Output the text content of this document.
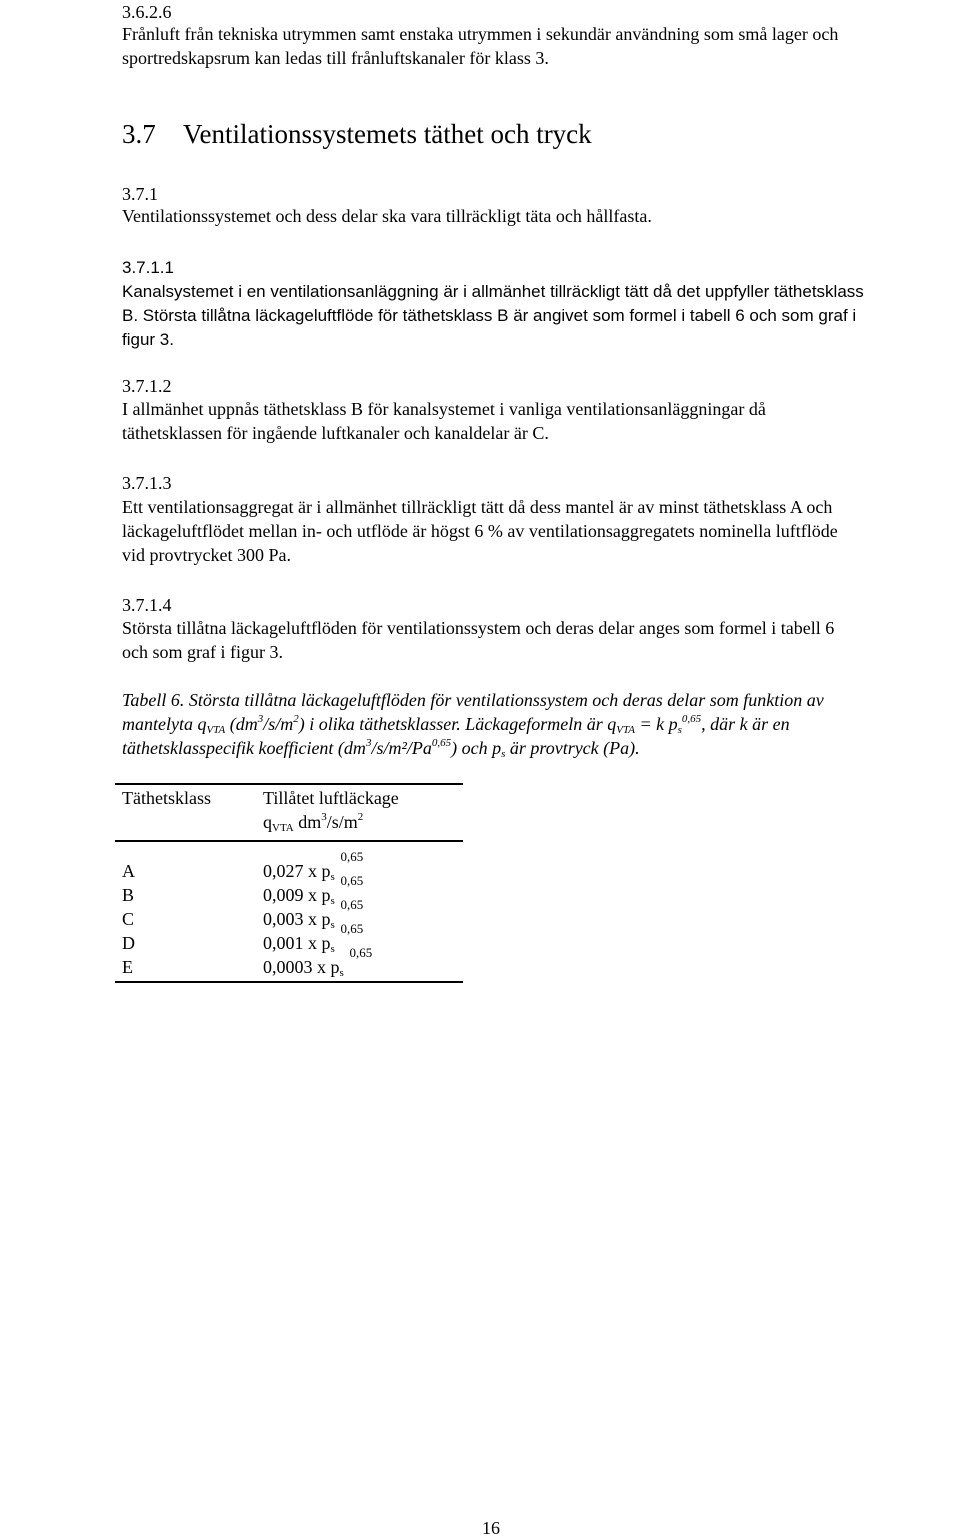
3.6.2.6

Frånluft från tekniska utrymmen samt enstaka utrymmen i sekundär användning som små lager och

sportredskapsrum kan ledas till frånluftskanaler för klass 3.

3.7 Ventilationssystemets täthet och tryck

3.7.1

Ventilationssystemet och dess delar ska vara tillräckligt täta och hållfasta.

3.7.1.1

Kanalsystemet i en ventilationsanläggning är i allmänhet tillräckligt tätt då det uppfyller täthetsklass

B. Största tillåtna läckageluftflöde för täthetsklass B är angivet som formel i tabell 6 och som graf i

figur 3.

3.7.1.2

I allmänhet uppnås täthetsklass B för kanalsystemet i vanliga ventilationsanläggningar då

täthetsklassen för ingående luftkanaler och kanaldelar är C.

3.7.1.3

Ett ventilationsaggregat är i allmänhet tillräckligt tätt då dess mantel är av minst täthetsklass A och

läckageluftflödet mellan in- och utflöde är högst 6 % av ventilationsaggregatets nominella luftflöde

vid provtrycket 300 Pa.

3.7.1.4

Största tillåtna läckageluftflöden för ventilationssystem och deras delar anges som formel i tabell 6

och som graf i figur 3.

Tabell 6. Största tillåtna läckageluftflöden för ventilationssystem och deras delar som funktion av

mantelyta qVTA $(dm^3/s/m^2)$ i olika täthetsklasser. Läckageformeln är qVTA = k $p_s^{0,65}$, där k är en

täthetsklasspecifik koefficient $(dm^3/s/m^2/Pa^{0,65})$ och $p_s$ är provtryck (Pa).

Täthetsklass	Tillåtet luftläckage

qVTA $dm^3/s/m^2$

A	0,027 x ps
0,65

B	0,009 x ps
0,65

C	0,003 x ps
0,65

D	0,001 x ps
0,65

E	0,0003 x ps
0,65

16
